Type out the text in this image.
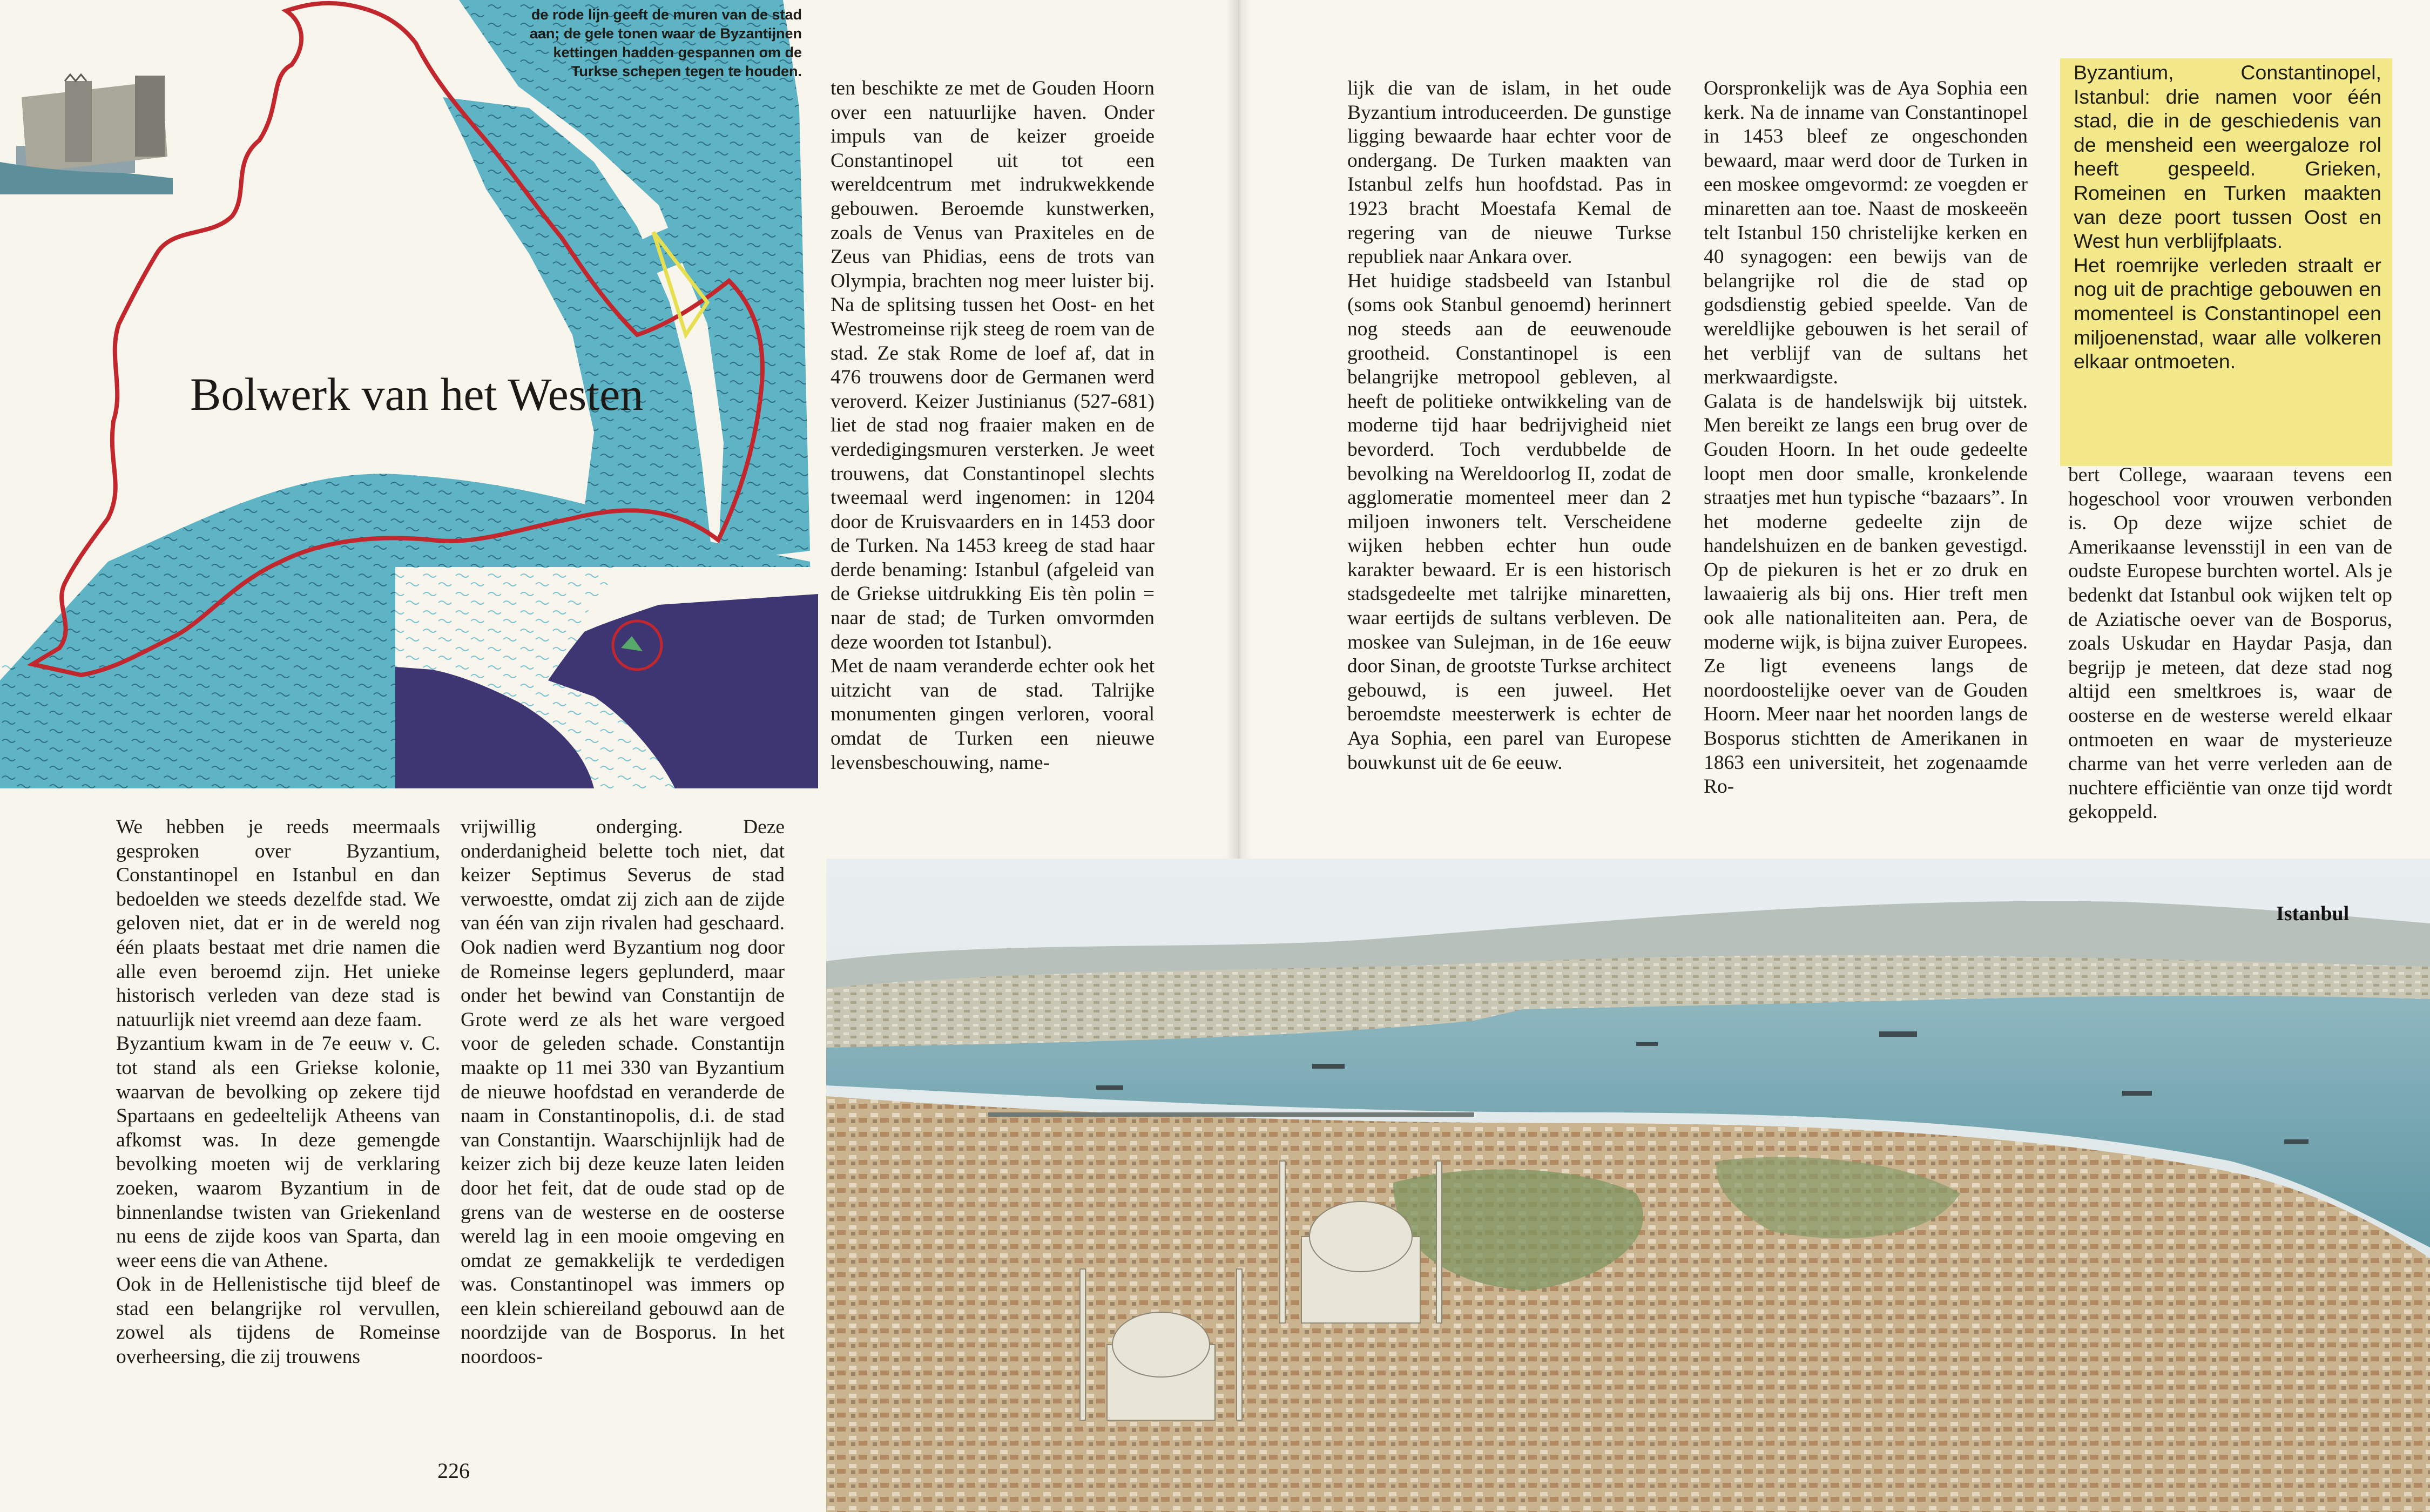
de rode lijn geeft de muren van de stad aan; de gele tonen waar de Byzantijnen kettingen hadden gespannen om de Turkse schepen tegen te houden.
Bolwerk van het Westen

We hebben je reeds meermaals gesproken over Byzantium, Constantinopel en Istanbul en dan bedoelden we steeds dezelfde stad. We geloven niet, dat er in de wereld nog één plaats bestaat met drie namen die alle even beroemd zijn. Het unieke historisch verleden van deze stad is natuurlijk niet vreemd aan deze faam.

Byzantium kwam in de 7e eeuw v. C. tot stand als een Griekse kolonie, waarvan de bevolking op zekere tijd Spartaans en gedeeltelijk Atheens van afkomst was. In deze gemengde bevolking moeten wij de verklaring zoeken, waarom Byzantium in de binnenlandse twisten van Griekenland nu eens de zijde koos van Sparta, dan weer eens die van Athene.

Ook in de Hellenistische tijd bleef de stad een belangrijke rol vervullen, zowel als tijdens de Romeinse overheersing, die zij trouwens

vrijwillig onderging. Deze onderdanigheid belette toch niet, dat keizer Septimus Severus de stad verwoestte, omdat zij zich aan de zijde van één van zijn rivalen had geschaard. Ook nadien werd Byzantium nog door de Romeinse legers geplunderd, maar onder het bewind van Constantijn de Grote werd ze als het ware vergoed voor de geleden schade. Constantijn maakte op 11 mei 330 van Byzantium de nieuwe hoofdstad en veranderde de naam in Constantinopolis, d.i. de stad van Constantijn. Waarschijnlijk had de keizer zich bij deze keuze laten leiden door het feit, dat de oude stad op de grens van de westerse en de oosterse wereld lag in een mooie omgeving en omdat ze gemakkelijk te verdedigen was. Constantinopel was immers op een klein schiereiland gebouwd aan de noordzijde van de Bosporus. In het noordoos-

ten beschikte ze met de Gouden Hoorn over een natuurlijke haven. Onder impuls van de keizer groeide Constantinopel uit tot een wereldcentrum met indrukwekkende gebouwen. Beroemde kunstwerken, zoals de Venus van Praxiteles en de Zeus van Phidias, eens de trots van Olympia, brachten nog meer luister bij. Na de splitsing tussen het Oost- en het Westromeinse rijk steeg de roem van de stad. Ze stak Rome de loef af, dat in 476 trouwens door de Germanen werd veroverd. Keizer Justinianus (527-681) liet de stad nog fraaier maken en de verdedigingsmuren versterken. Je weet trouwens, dat Constantinopel slechts tweemaal werd ingenomen: in 1204 door de Kruisvaarders en in 1453 door de Turken. Na 1453 kreeg de stad haar derde benaming: Istanbul (afgeleid van de Griekse uitdrukking Eis tèn polin = naar de stad; de Turken omvormden deze woorden tot Istanbul).

Met de naam veranderde echter ook het uitzicht van de stad. Talrijke monumenten gingen verloren, vooral omdat de Turken een nieuwe levensbeschouwing, name-

226

lijk die van de islam, in het oude Byzantium introduceerden. De gunstige ligging bewaarde haar echter voor de ondergang. De Turken maakten van Istanbul zelfs hun hoofdstad. Pas in 1923 bracht Moestafa Kemal de regering van de nieuwe Turkse republiek naar Ankara over.

Het huidige stadsbeeld van Istanbul (soms ook Stanbul genoemd) herinnert nog steeds aan de eeuwenoude grootheid. Constantinopel is een belangrijke metropool gebleven, al heeft de politieke ontwikkeling van de moderne tijd haar bedrijvigheid niet bevorderd. Toch verdubbelde de bevolking na Wereldoorlog II, zodat de agglomeratie momenteel meer dan 2 miljoen inwoners telt. Verscheidene wijken hebben echter hun oude karakter bewaard. Er is een historisch stadsgedeelte met talrijke minaretten, waar eertijds de sultans verbleven. De moskee van Sulejman, in de 16e eeuw door Sinan, de grootste Turkse architect gebouwd, is een juweel. Het beroemdste meesterwerk is echter de Aya Sophia, een parel van Europese bouwkunst uit de 6e eeuw.

Oorspronkelijk was de Aya Sophia een kerk. Na de inname van Constantinopel in 1453 bleef ze ongeschonden bewaard, maar werd door de Turken in een moskee omgevormd: ze voegden er minaretten aan toe. Naast de moskeeën telt Istanbul 150 christelijke kerken en 40 synagogen: een bewijs van de belangrijke rol die de stad op godsdienstig gebied speelde. Van de wereldlijke gebouwen is het serail of het verblijf van de sultans het merkwaardigste.

Galata is de handelswijk bij uitstek. Men bereikt ze langs een brug over de Gouden Hoorn. In het oude gedeelte loopt men door smalle, kronkelende straatjes met hun typische “bazaars”. In het moderne gedeelte zijn de handelshuizen en de banken gevestigd. Op de piekuren is het er zo druk en lawaaierig als bij ons. Hier treft men ook alle nationaliteiten aan. Pera, de moderne wijk, is bijna zuiver Europees. Ze ligt eveneens langs de noordoostelijke oever van de Gouden Hoorn. Meer naar het noorden langs de Bosporus stichtten de Amerikanen in 1863 een universiteit, het zogenaamde Ro-

Byzantium, Constantinopel, Istanbul: drie namen voor één stad, die in de geschiedenis van de mensheid een weergaloze rol heeft gespeeld. Grieken, Romeinen en Turken maakten van deze poort tussen Oost en West hun verblijfplaats.

Het roemrijke verleden straalt er nog uit de prachtige gebouwen en momenteel is Constantinopel een miljoenenstad, waar alle volkeren elkaar ontmoeten.

bert College, waaraan tevens een hogeschool voor vrouwen verbonden is. Op deze wijze schiet de Amerikaanse levensstijl in een van de oudste Europese burchten wortel. Als je bedenkt dat Istanbul ook wijken telt op de Aziatische oever van de Bosporus, zoals Uskudar en Haydar Pasja, dan begrijp je meteen, dat deze stad nog altijd een smeltkroes is, waar de oosterse en de westerse wereld elkaar ontmoeten en waar de mysterieuze charme van het verre verleden aan de nuchtere efficiëntie van onze tijd wordt gekoppeld.

Istanbul
